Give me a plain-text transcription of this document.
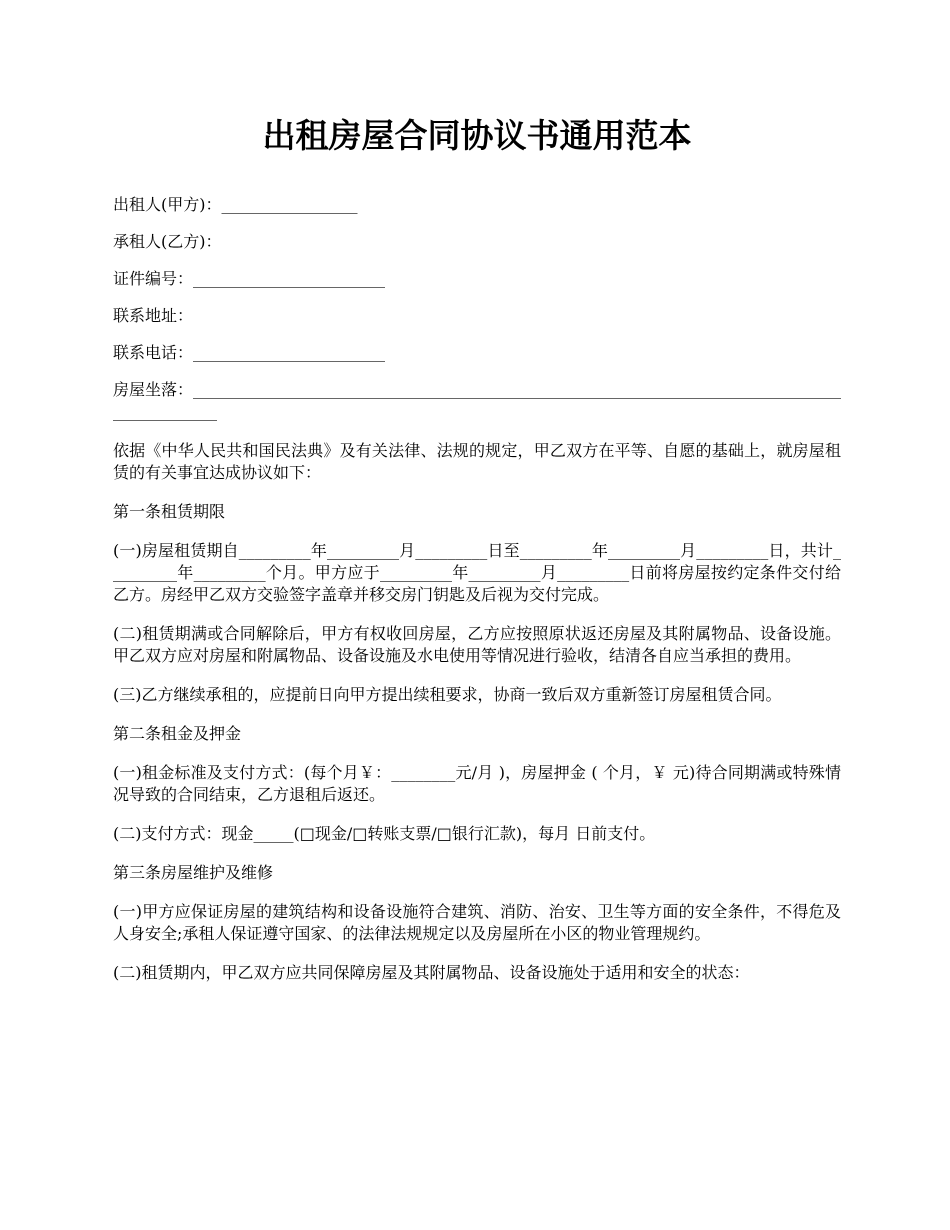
出租房屋合同协议书通用范本

出租人(甲方)：_________________

承租人(乙方)：

证件编号：________________________

联系地址：

联系电话：________________________

房屋坐落：______________________________________________________________________________________________

依据《中华人民共和国民法典》及有关法律、法规的规定，甲乙双方在平等、自愿的基础上，就房屋租赁的有关事宜达成协议如下：

第一条租赁期限

(一)房屋租赁期自_________年_________月_________日至_________年_________月_________日，共计_________年_________个月。甲方应于_________年_________月_________日前将房屋按约定条件交付给乙方。房经甲乙双方交验签字盖章并移交房门钥匙及后视为交付完成。

(二)租赁期满或合同解除后，甲方有权收回房屋，乙方应按照原状返还房屋及其附属物品、设备设施。甲乙双方应对房屋和附属物品、设备设施及水电使用等情况进行验收，结清各自应当承担的费用。

(三)乙方继续承租的，应提前日向甲方提出续租要求，协商一致后双方重新签订房屋租赁合同。

第二条租金及押金

(一)租金标准及支付方式：(每个月￥：________元/月 )，房屋押金 ( 个月，￥ 元)待合同期满或特殊情况导致的合同结束，乙方退租后返还。

(二)支付方式：现金_____(□现金/□转账支票/□银行汇款)，每月 日前支付。

第三条房屋维护及维修

(一)甲方应保证房屋的建筑结构和设备设施符合建筑、消防、治安、卫生等方面的安全条件，不得危及人身安全;承租人保证遵守国家、的法律法规规定以及房屋所在小区的物业管理规约。

(二)租赁期内，甲乙双方应共同保障房屋及其附属物品、设备设施处于适用和安全的状态：
